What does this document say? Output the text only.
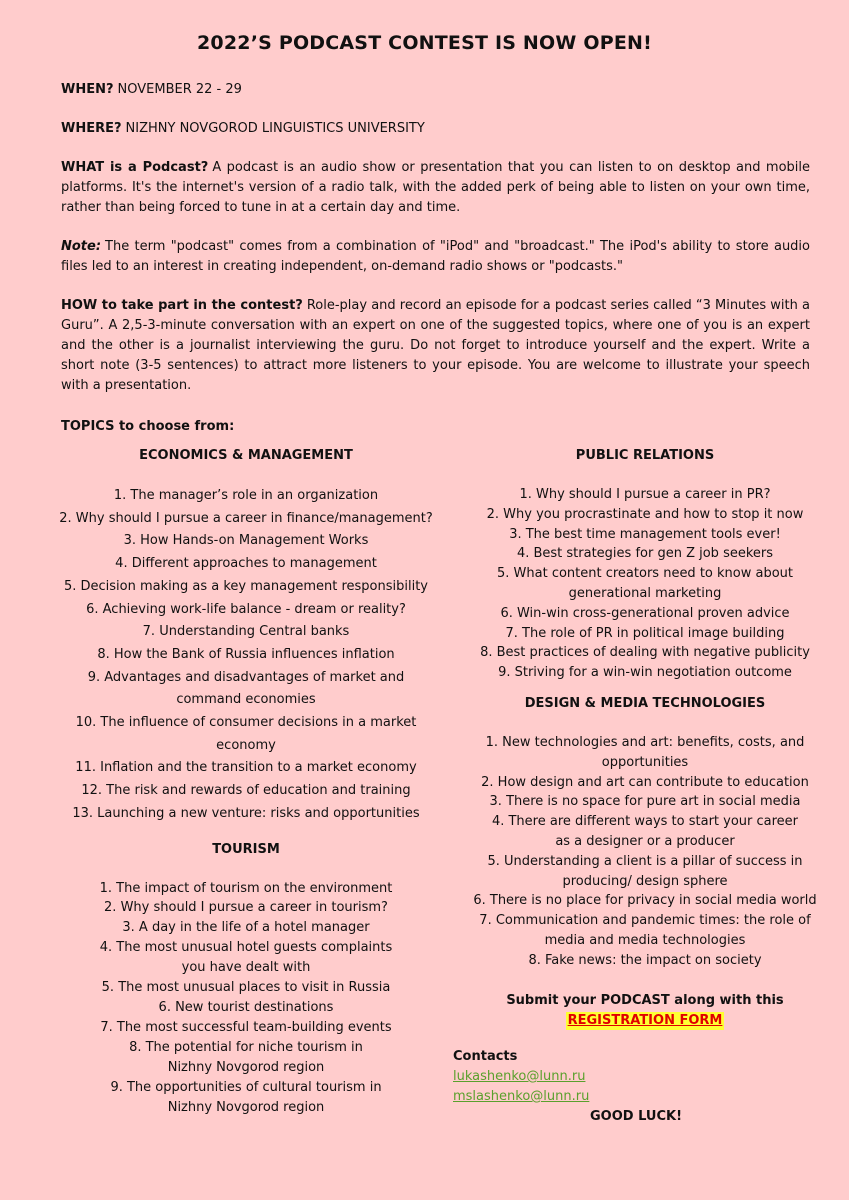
2022’S PODCAST CONTEST IS NOW OPEN!

WHEN? NOVEMBER 22 - 29

WHERE? NIZHNY NOVGOROD LINGUISTICS UNIVERSITY

WHAT is a Podcast? A podcast is an audio show or presentation that you can listen to on desktop and mobile platforms. It's the internet's version of a radio talk, with the added perk of being able to listen on your own time, rather than being forced to tune in at a certain day and time.

Note: The term "podcast" comes from a combination of "iPod" and "broadcast." The iPod's ability to store audio files led to an interest in creating independent, on-demand radio shows or "podcasts."

HOW to take part in the contest? Role-play and record an episode for a podcast series called “3 Minutes with a Guru”. A 2,5-3-minute conversation with an expert on one of the suggested topics, where one of you is an expert and the other is a journalist interviewing the guru. Do not forget to introduce yourself and the expert. Write a short note (3-5 sentences) to attract more listeners to your episode. You are welcome to illustrate your speech with a presentation.

TOPICS to choose from:
ECONOMICS & MANAGEMENT
1. The manager’s role in an organization
2. Why should I pursue a career in finance/management?
3. How Hands-on Management Works
4. Different approaches to management
5. Decision making as a key management responsibility
6. Achieving work-life balance - dream or reality?
7. Understanding Central banks
8. How the Bank of Russia influences inflation
9. Advantages and disadvantages of market and
command economies
10. The influence of consumer decisions in a market
economy
11. Inflation and the transition to a market economy
12. The risk and rewards of education and training
13. Launching a new venture: risks and opportunities
TOURISM
1. The impact of tourism on the environment
2. Why should I pursue a career in tourism?
3. A day in the life of a hotel manager
4. The most unusual hotel guests complaints
you have dealt with
5. The most unusual places to visit in Russia
6. New tourist destinations
7. The most successful team-building events
8. The potential for niche tourism in
Nizhny Novgorod region
9. The opportunities of cultural tourism in
Nizhny Novgorod region
PUBLIC RELATIONS
1. Why should I pursue a career in PR?
2. Why you procrastinate and how to stop it now
3. The best time management tools ever!
4. Best strategies for gen Z job seekers
5. What content creators need to know about
generational marketing
6. Win-win cross-generational proven advice
7. The role of PR in political image building
8. Best practices of dealing with negative publicity
9. Striving for a win-win negotiation outcome
DESIGN & MEDIA TECHNOLOGIES
1. New technologies and art: benefits, costs, and
opportunities
2. How design and art can contribute to education
3. There is no space for pure art in social media
4. There are different ways to start your career
as a designer or a producer
5. Understanding a client is a pillar of success in
producing/ design sphere
6. There is no place for privacy in social media world
7. Communication and pandemic times: the role of
media and media technologies
8. Fake news: the impact on society
Submit your PODCAST along with this
REGISTRATION FORM
Contacts
lukashenko@lunn.ru
mslashenko@lunn.ru
GOOD LUCK!
